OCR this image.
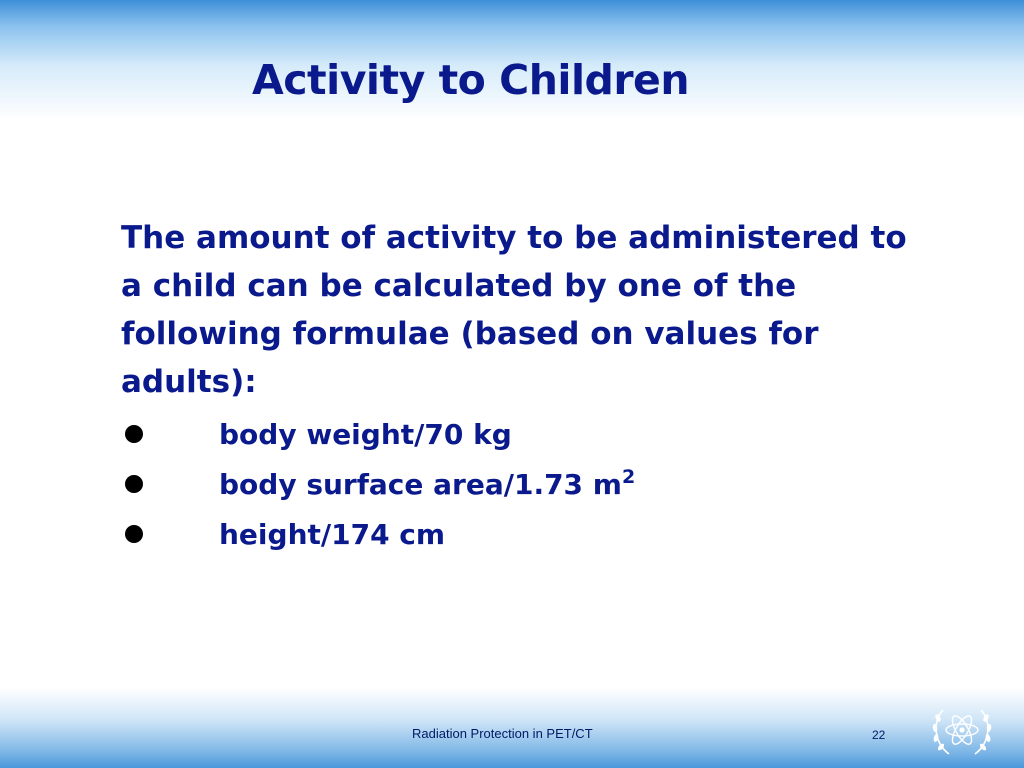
Activity to Children
The amount of activity to be administered to a child can be calculated by one of the following formulae (based on values for adults):
body weight/70 kg
body surface area/1.73 $m^2$
height/174 cm
Radiation Protection in PET/CT	22
